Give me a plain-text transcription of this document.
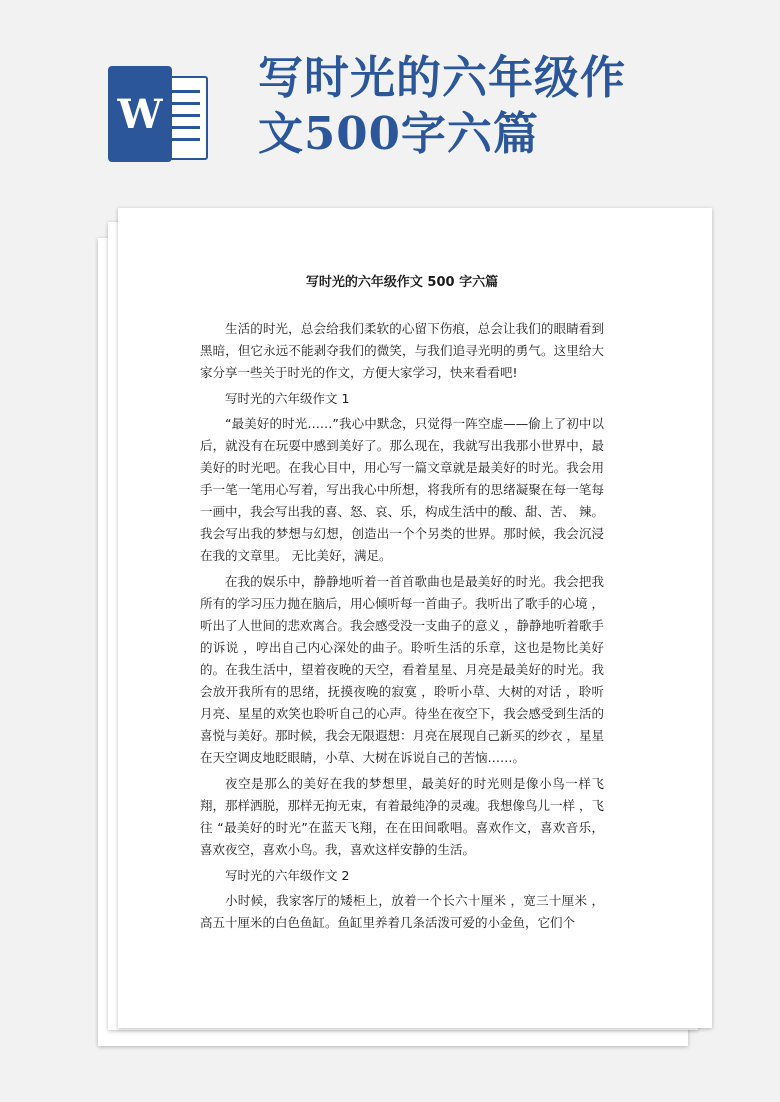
W
写时光的六年级作
文500字六篇
写时光的六年级作文 500 字六篇

生活的时光，总会给我们柔软的心留下伤痕，总会让我们的眼睛看到黑暗，但它永远不能剥夺我们的微笑，与我们追寻光明的勇气。这里给大家分享一些关于时光的作文，方便大家学习，快来看看吧!

写时光的六年级作文 1

“最美好的时光……”我心中默念，只觉得一阵空虚——偷上了初中以后，就没有在玩耍中感到美好了。那么现在，我就写出我那小世界中，最美好的时光吧。在我心目中，用心写一篇文章就是最美好的时光。我会用手一笔一笔用心写着，写出我心中所想，将我所有的思绪凝聚在每一笔每一画中，我会写出我的喜、怒、哀、乐，构成生活中的酸、甜、苦、 辣。我会写出我的梦想与幻想，创造出一个个另类的世界。那时候，我会沉浸在我的文章里。 无比美好，满足。

在我的娱乐中，静静地听着一首首歌曲也是最美好的时光。我会把我所有的学习压力抛在脑后，用心倾听每一首曲子。我听出了歌手的心境 ，听出了人世间的悲欢离合。我会感受没一支曲子的意义 ，静静地听着歌手的诉说 ，哼出自己内心深处的曲子。聆听生活的乐章，这也是物比美好的。在我生活中，望着夜晚的天空，看着星星、月亮是最美好的时光。我会放开我所有的思绪，抚摸夜晚的寂寞 ，聆听小草、大树的对话 ，聆听月亮、星星的欢笑也聆听自己的心声。待坐在夜空下，我会感受到生活的喜悦与美好。那时候，我会无限遐想：月亮在展现自己新买的纱衣 ，星星在天空调皮地眨眼睛，小草、大树在诉说自己的苦恼……。

夜空是那么的美好在我的梦想里，最美好的时光则是像小鸟一样飞翔，那样洒脱，那样无拘无束，有着最纯净的灵魂。我想像鸟儿一样 ，飞往 “最美好的时光”在蓝天飞翔，在在田间歌唱。喜欢作文，喜欢音乐，喜欢夜空，喜欢小鸟。我，喜欢这样安静的生活。

写时光的六年级作文 2

小时候，我家客厅的矮柜上，放着一个长六十厘米 ，宽三十厘米 ，高五十厘米的白色鱼缸。鱼缸里养着几条活泼可爱的小金鱼，它们个
